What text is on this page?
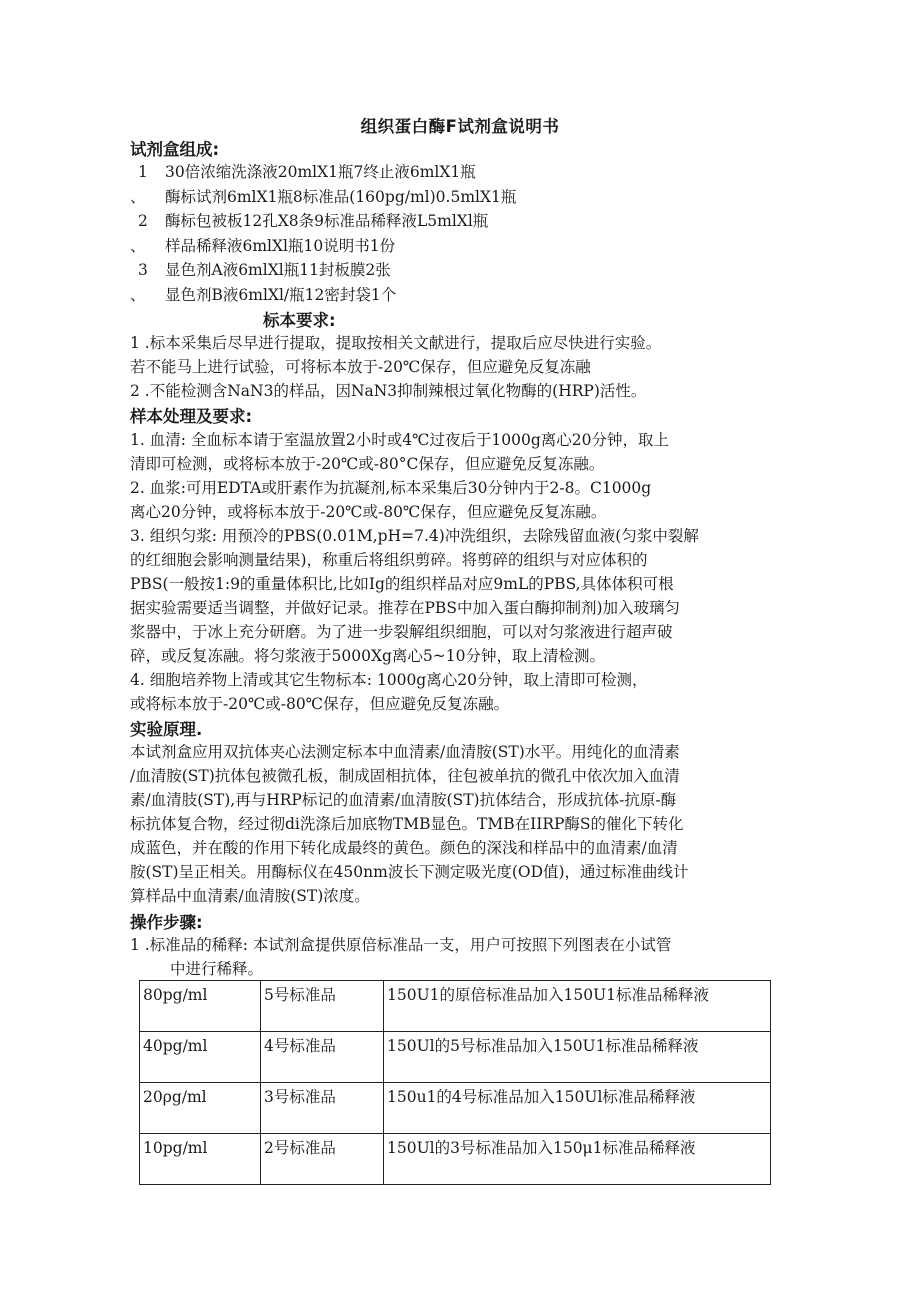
组织蛋白酶F试剂盒说明书
试剂盒组成:
1 30倍浓缩洗涤液20mlX1瓶7终止液6mlX1瓶
、 酶标试剂6mlX1瓶8标准品(160pg/ml)0.5mlX1瓶
2 酶标包被板12孔X8条9标准品稀释液L5mlXl瓶
、 样品稀释液6mlXl瓶10说明书1份
3 显色剂A液6mlXl瓶11封板膜2张
、 显色剂B液6mlXl/瓶12密封袋1个
标本要求:
1 .标本采集后尽早进行提取，提取按相关文献进行，提取后应尽快进行实验。
若不能马上进行试验，可将标本放于-20℃保存，但应避免反复冻融
2 .不能检测含NaN3的样品，因NaN3抑制辣根过氧化物酶的(HRP)活性。
样本处理及要求:
1. 血清: 全血标本请于室温放置2小时或4℃过夜后于1000g离心20分钟，取上
清即可检测，或将标本放于-20℃或-80°C保存，但应避免反复冻融。
2. 血浆:可用EDTA或肝素作为抗凝剂,标本采集后30分钟内于2-8。C1000g
离心20分钟，或将标本放于-20℃或-80℃保存，但应避免反复冻融。
3. 组织匀浆: 用预冷的PBS(0.01M,pH=7.4)冲洗组织，去除残留血液(匀浆中裂解
的红细胞会影响测量结果)，称重后将组织剪碎。将剪碎的组织与对应体积的
PBS(一般按1:9的重量体积比,比如Ig的组织样品对应9mL的PBS,具体体积可根
据实验需要适当调整，并做好记录。推荐在PBS中加入蛋白酶抑制剂)加入玻璃匀
浆器中，于冰上充分研磨。为了进一步裂解组织细胞，可以对匀浆液进行超声破
碎，或反复冻融。将匀浆液于5000Xg离心5~10分钟，取上清检测。
4. 细胞培养物上清或其它生物标本: 1000g离心20分钟，取上清即可检测，
或将标本放于-20℃或-80℃保存，但应避免反复冻融。
实验原理.
本试剂盒应用双抗体夹心法测定标本中血清素/血清胺(ST)水平。用纯化的血清素
/血清胺(ST)抗体包被微孔板，制成固相抗体，往包被单抗的微孔中依次加入血清
素/血清肢(ST),再与HRP标记的血清素/血清胺(ST)抗体结合，形成抗体-抗原-酶
标抗体复合物，经过彻di洗涤后加底物TMB显色。TMB在IIRP酶S的催化下转化
成蓝色，并在酸的作用下转化成最终的黄色。颜色的深浅和样品中的血清素/血清
胺(ST)呈正相关。用酶标仪在450nm波长下测定吸光度(OD值)，通过标准曲线计
算样品中血清素/血清胺(ST)浓度。
操作步骤:
1 .标准品的稀释: 本试剂盒提供原倍标准品一支，用户可按照下列图表在小试管
中进行稀释。
80pg/ml	5号标准品	150U1的原倍标准品加入150U1标准品稀释液
40pg/ml	4号标准品	150Ul的5号标准品加入150U1标准品稀释液
20ρg/ml	3号标准品	150u1的4号标准品加入150Ul标准品稀释液
10pg/ml	2号标准品	150Ul的3号标准品加入150μ1标准品稀释液
